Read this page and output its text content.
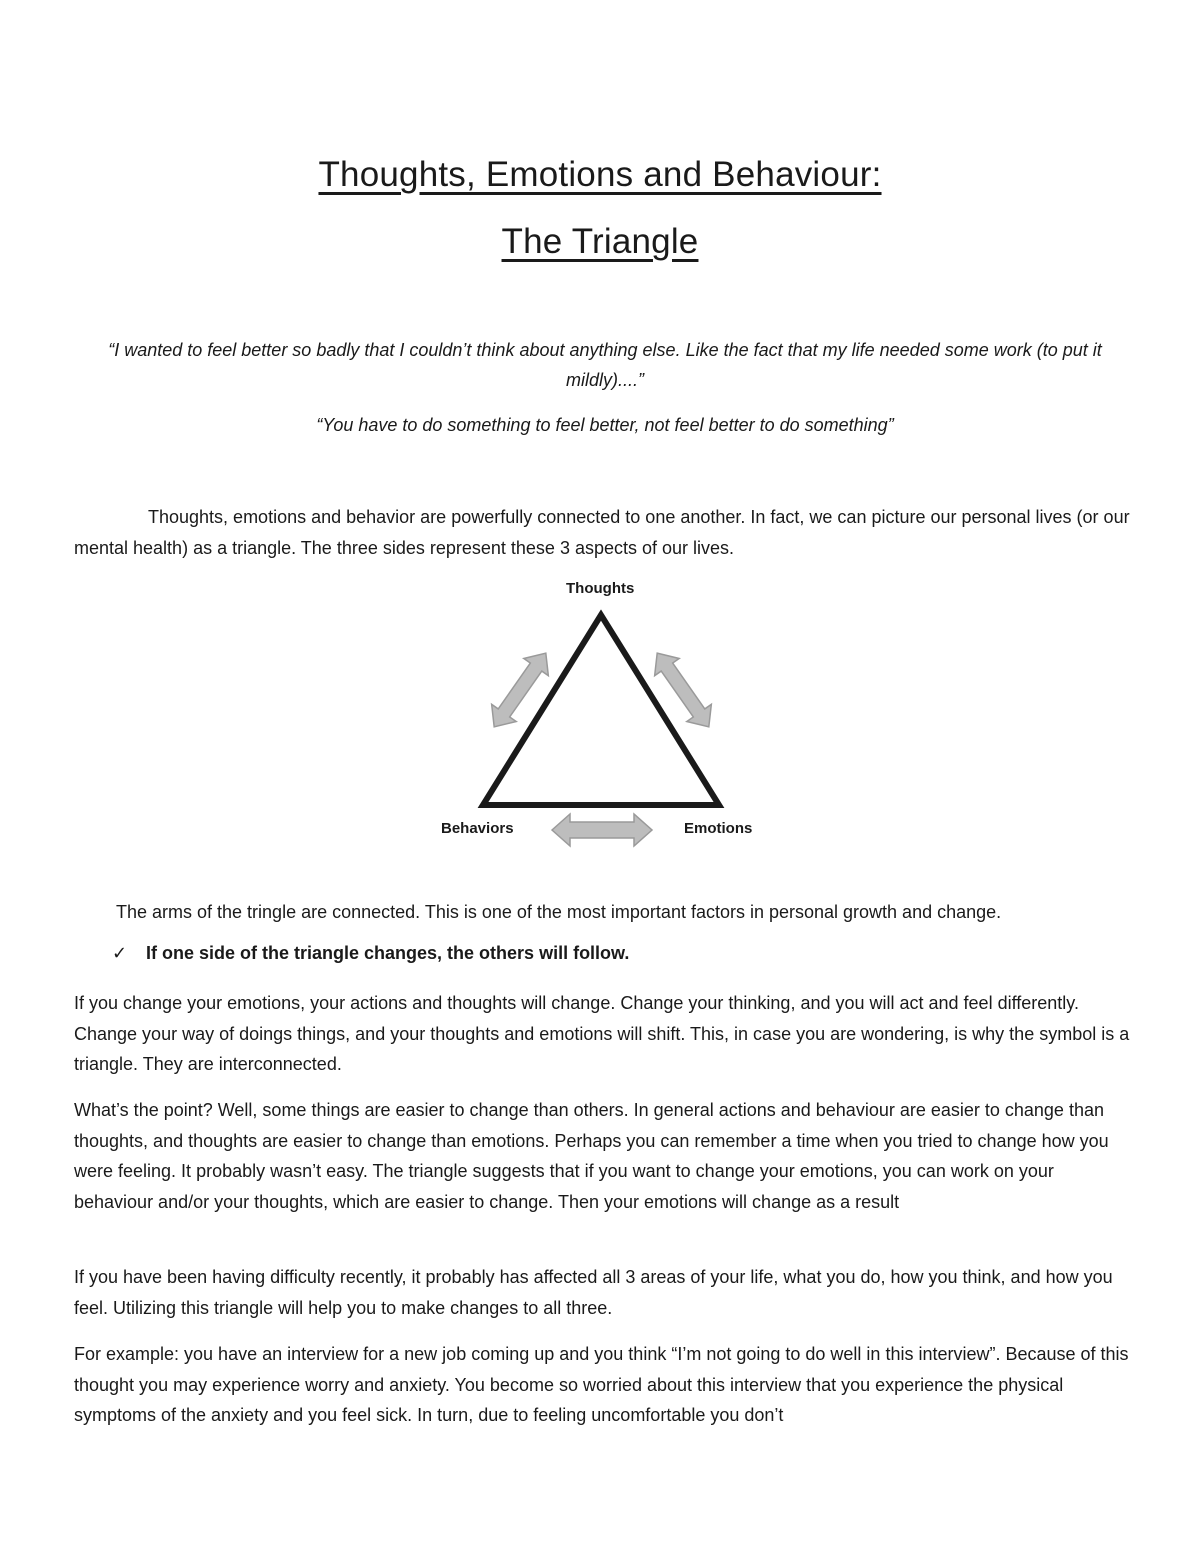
Thoughts, Emotions and Behaviour:
The Triangle
“I wanted to feel better so badly that I couldn’t think about anything else. Like the fact that my life needed some work (to put it mildly)....”
“You have to do something to feel better, not feel better to do something”

Thoughts, emotions and behavior are powerfully connected to one another. In fact, we can picture our personal lives (or our mental health) as a triangle. The three sides represent these 3 aspects of our lives.

Thoughts
Behaviors	Emotions

The arms of the tringle are connected. This is one of the most important factors in personal growth and change.

✓ If one side of the triangle changes, the others will follow.

If you change your emotions, your actions and thoughts will change. Change your thinking, and you will act and feel differently. Change your way of doings things, and your thoughts and emotions will shift. This, in case you are wondering, is why the symbol is a triangle. They are interconnected.

What’s the point? Well, some things are easier to change than others. In general actions and behaviour are easier to change than thoughts, and thoughts are easier to change than emotions. Perhaps you can remember a time when you tried to change how you were feeling. It probably wasn’t easy. The triangle suggests that if you want to change your emotions, you can work on your behaviour and/or your thoughts, which are easier to change. Then your emotions will change as a result

If you have been having difficulty recently, it probably has affected all 3 areas of your life, what you do, how you think, and how you feel. Utilizing this triangle will help you to make changes to all three.

For example: you have an interview for a new job coming up and you think “I’m not going to do well in this interview”. Because of this thought you may experience worry and anxiety. You become so worried about this interview that you experience the physical symptoms of the anxiety and you feel sick. In turn, due to feeling uncomfortable you don’t
